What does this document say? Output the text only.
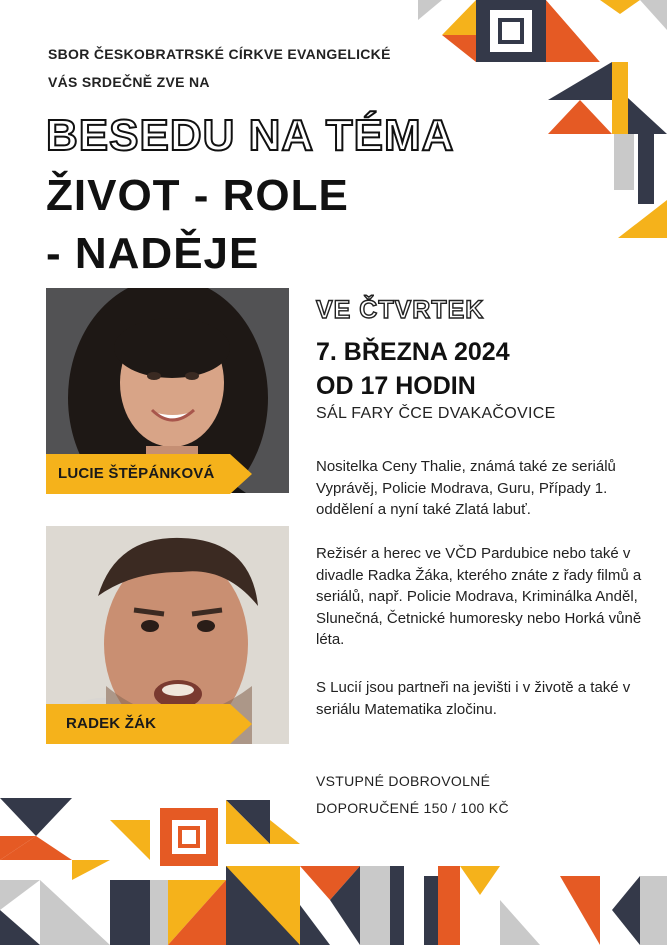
SBOR ČESKOBRATRSKÉ CÍRKVE EVANGELICKÉ
VÁS SRDEČNĚ ZVE NA
BESEDU NA TÉMA
ŽIVOT - ROLE
- NADĚJE
LUCIE ŠTĚPÁNKOVÁ
RADEK ŽÁK
VE ČTVRTEK
7. BŘEZNA 2024
OD 17 HODIN
SÁL FARY ČCE DVAKAČOVICE
Nositelka Ceny Thalie, známá také ze seriálů Vyprávěj, Policie Modrava, Guru, Případy 1. oddělení a nyní také Zlatá labuť.
Režisér a herec ve VČD Pardubice nebo také v divadle Radka Žáka, kterého znáte z řady filmů a seriálů, např. Policie Modrava, Kriminálka Anděl, Slunečná, Četnické humoresky nebo Horká vůně léta.
S Lucií jsou partneři na jevišti i v životě a také v seriálu Matematika zločinu.
VSTUPNÉ DOBROVOLNÉ
DOPORUČENÉ 150 / 100 KČ
